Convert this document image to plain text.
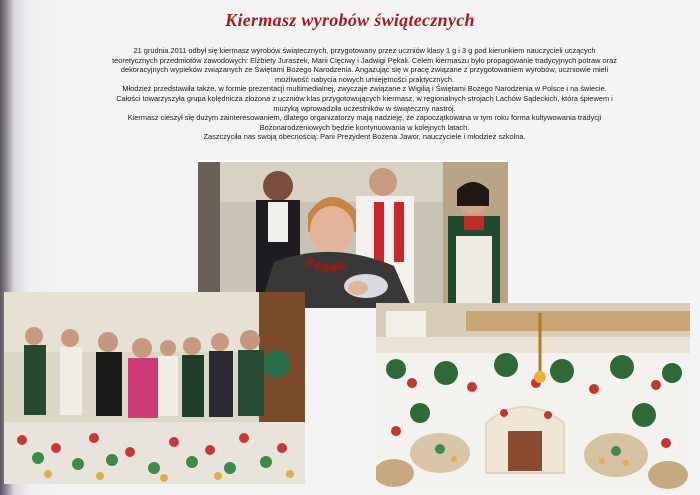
Kiermasz wyrobów świątecznych

21 grudnia.2011 odbył się kiermasz wyrobów świątecznych, przygotowany przez uczniów klasy 1 g i 3 g pod kierunkiem nauczycieli uczących teoretycznych przedmiotów zawodowych: Elżbiety Juraszek, Marii Cięciwy i Jadwigi Pękali. Celem kiermaszu było propagowanie tradycyjnych potraw oraz dekoracyjnych wypieków związanych ze Świętami Bożego Narodzenia. Angażując się w pracę związane z przygotowaniem wyrobów, uczniowie mieli możliwość nabycia nowych umiejętności praktycznych.

Młodzież przedstawiła także, w formie prezentacji multimedialnej, zwyczaje związane z Wigilią i Świętami Bożego Narodzenia w Polsce i na świecie. Całości towarzyszyła grupa kolędnicza złożona z uczniów klas przygotowujących kiermasz, w regionalnych strojach Lachów Sądeckich, która śpiewem i muzyką wprowadziła uczestników w świąteczny nastrój.

Kiermasz cieszył się dużym zainteresowaniem, dlatego organizatorzy mają nadzieję, że zapoczątkowana w tym roku forma kultywowania tradycji Bożonarodzeniowych będzie kontynuowania w kolejnych latach.

Zaszczyciła nas swoją obecnością: Pani Prezydent Bożena Jawor, nauczyciele i młodzież szkolna.
